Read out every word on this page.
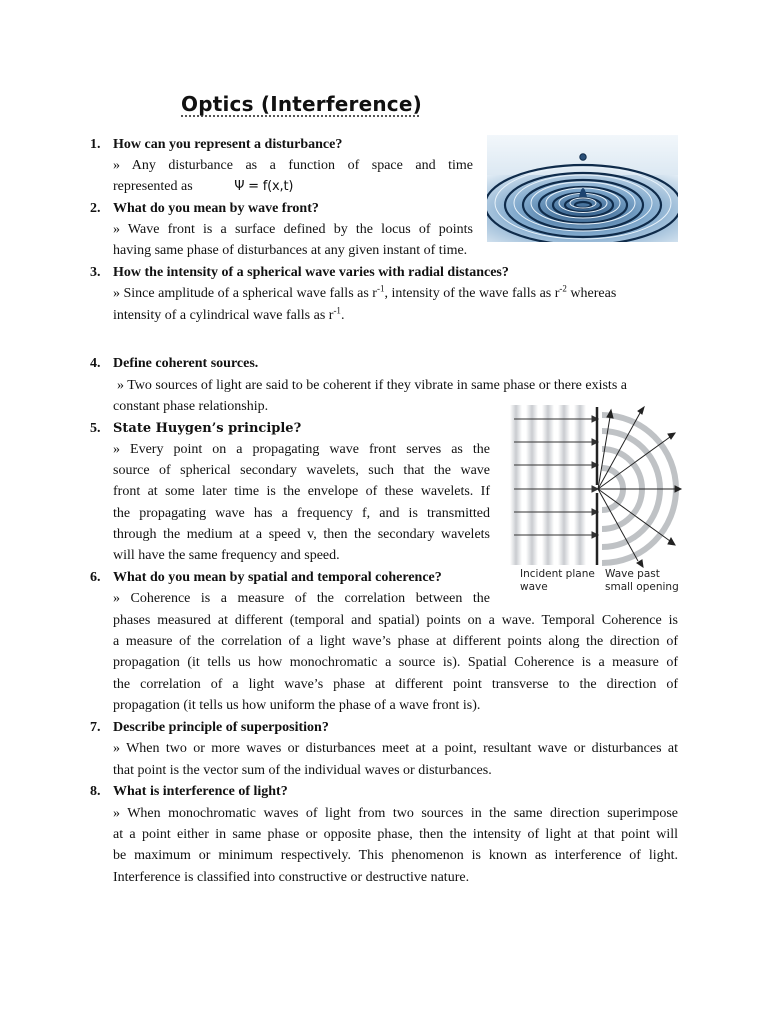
Optics (Interference)
1. How can you represent a disturbance?

» Any disturbance as a function of space and time

represented as	Ψ = f(x,t)

2. What do you mean by wave front?

» Wave front is a surface defined by the locus of points

having same phase of disturbances at any given instant of time.

3. How the intensity of a spherical wave varies with radial distances?

» Since amplitude of a spherical wave falls as $r^{-1}$, intensity of the wave falls as $r^{-2}$ whereas

intensity of a cylindrical wave falls as $r^{-1}$.

4. Define coherent sources.

» Two sources of light are said to be coherent if they vibrate in same phase or there exists a

constant phase relationship.

5. State Huygen’s principle?

» Every point on a propagating wave front serves as the

source of spherical secondary wavelets, such that the wave

front at some later time is the envelope of these wavelets. If

the propagating wave has a frequency f, and is transmitted

through the medium at a speed v, then the secondary wavelets

will have the same frequency and speed.

6. What do you mean by spatial and temporal coherence?

» Coherence is a measure of the correlation between the

phases measured at different (temporal and spatial) points on a wave. Temporal Coherence is

a measure of the correlation of a light wave’s phase at different points along the direction of

propagation (it tells us how monochromatic a source is). Spatial Coherence is a measure of

the correlation of a light wave’s phase at different point transverse to the direction of

propagation (it tells us how uniform the phase of a wave front is).

7. Describe principle of superposition?

» When two or more waves or disturbances meet at a point, resultant wave or disturbances at

that point is the vector sum of the individual waves or disturbances.

8. What is interference of light?

» When monochromatic waves of light from two sources in the same direction superimpose

at a point either in same phase or opposite phase, then the intensity of light at that point will

be maximum or minimum respectively. This phenomenon is known as interference of light.

Interference is classified into constructive or destructive nature.

Incident plane
wave
Wave past
small opening
